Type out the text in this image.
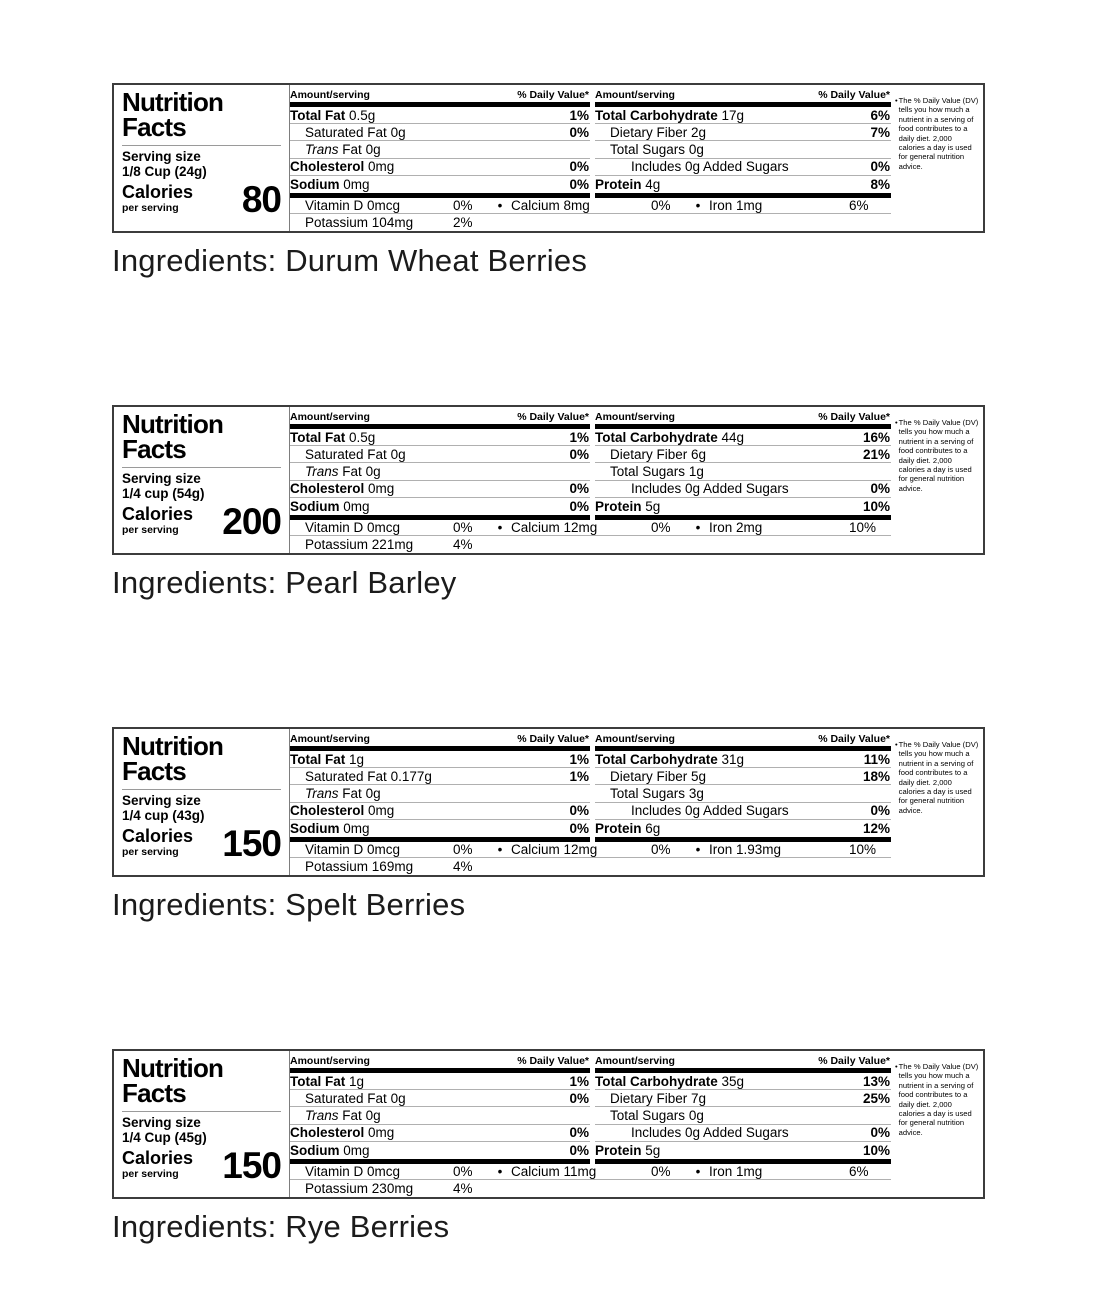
Nutrition
Facts
Serving size
1/8 Cup (24g)
Calories
per serving	80
Amount/serving	% Daily Value*
Total Fat 0.5g	1%
Saturated Fat 0g	0%
Trans Fat 0g
Cholesterol 0mg	0%
Sodium 0mg	0%
Amount/serving	% Daily Value*
Total Carbohydrate 17g	6%
Dietary Fiber 2g	7%
Total Sugars 0g
Includes 0g Added Sugars	0%
Protein 4g	8%
Vitamin D 0mcg	0%	• Calcium 8mg	0%	• Iron 1mg	6%
Potassium 104mg	2%
• The % Daily Value (DV) tells you how much a nutrient in a serving of food contributes to a daily diet. 2,000 calories a day is used for general nutrition advice.
Ingredients: Durum Wheat Berries
Nutrition
Facts
Serving size
1/4 cup (54g)
Calories
per serving	200
Amount/serving	% Daily Value*
Total Fat 0.5g	1%
Saturated Fat 0g	0%
Trans Fat 0g
Cholesterol 0mg	0%
Sodium 0mg	0%
Amount/serving	% Daily Value*
Total Carbohydrate 44g	16%
Dietary Fiber 6g	21%
Total Sugars 1g
Includes 0g Added Sugars	0%
Protein 5g	10%
Vitamin D 0mcg	0%	• Calcium 12mg	0%	• Iron 2mg	10%
Potassium 221mg	4%
• The % Daily Value (DV) tells you how much a nutrient in a serving of food contributes to a daily diet. 2,000 calories a day is used for general nutrition advice.
Ingredients: Pearl Barley
Nutrition
Facts
Serving size
1/4 cup (43g)
Calories
per serving	150
Amount/serving	% Daily Value*
Total Fat 1g	1%
Saturated Fat 0.177g	1%
Trans Fat 0g
Cholesterol 0mg	0%
Sodium 0mg	0%
Amount/serving	% Daily Value*
Total Carbohydrate 31g	11%
Dietary Fiber 5g	18%
Total Sugars 3g
Includes 0g Added Sugars	0%
Protein 6g	12%
Vitamin D 0mcg	0%	• Calcium 12mg	0%	• Iron 1.93mg	10%
Potassium 169mg	4%
• The % Daily Value (DV) tells you how much a nutrient in a serving of food contributes to a daily diet. 2,000 calories a day is used for general nutrition advice.
Ingredients: Spelt Berries
Nutrition
Facts
Serving size
1/4 Cup (45g)
Calories
per serving	150
Amount/serving	% Daily Value*
Total Fat 1g	1%
Saturated Fat 0g	0%
Trans Fat 0g
Cholesterol 0mg	0%
Sodium 0mg	0%
Amount/serving	% Daily Value*
Total Carbohydrate 35g	13%
Dietary Fiber 7g	25%
Total Sugars 0g
Includes 0g Added Sugars	0%
Protein 5g	10%
Vitamin D 0mcg	0%	• Calcium 11mg	0%	• Iron 1mg	6%
Potassium 230mg	4%
• The % Daily Value (DV) tells you how much a nutrient in a serving of food contributes to a daily diet. 2,000 calories a day is used for general nutrition advice.
Ingredients: Rye Berries
